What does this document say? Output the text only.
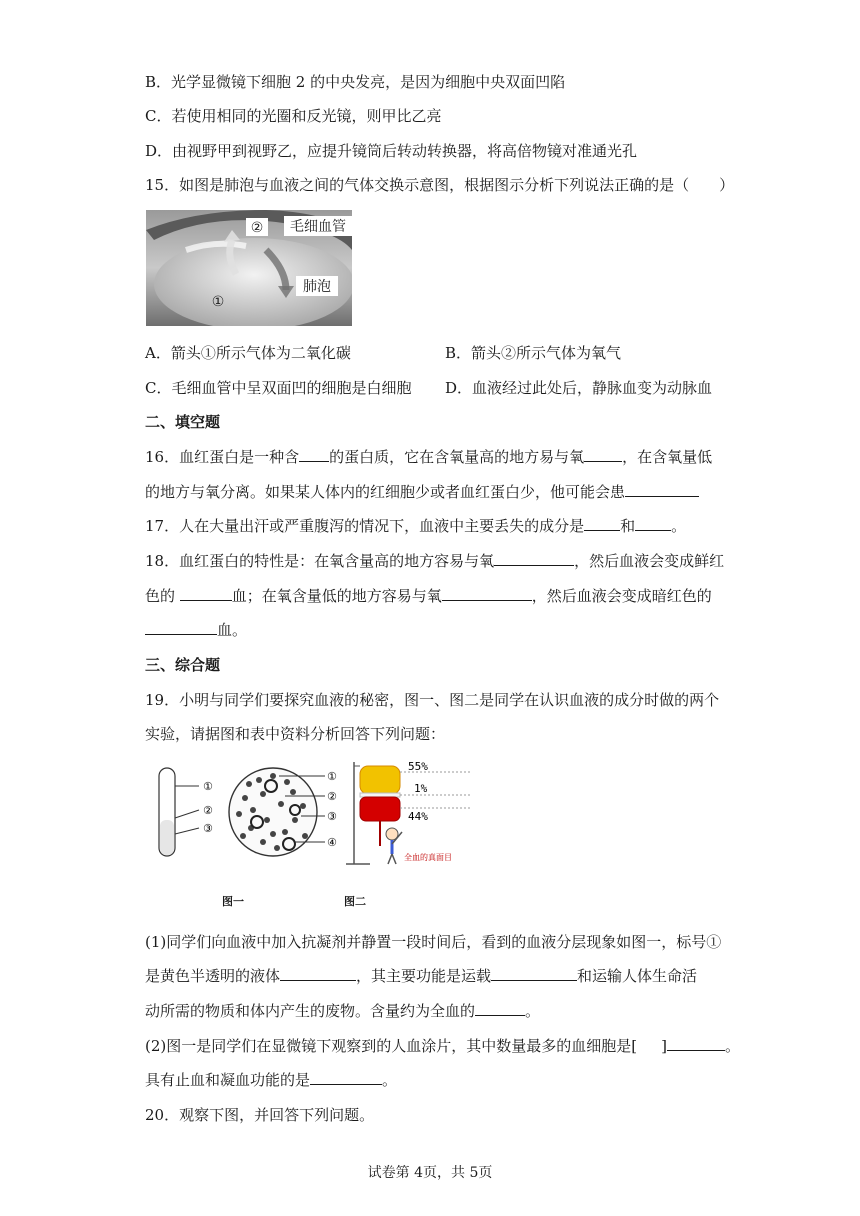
B．光学显微镜下细胞 2 的中央发亮，是因为细胞中央双面凹陷
C．若使用相同的光圈和反光镜，则甲比乙亮
D．由视野甲到视野乙，应提升镜筒后转动转换器，将高倍物镜对准通光孔
15．如图是肺泡与血液之间的气体交换示意图，根据图示分析下列说法正确的是（　　）
② 毛细血管
肺泡
①
A．箭头①所示气体为二氧化碳	B．箭头②所示气体为氧气
C．毛细血管中呈双面凹的细胞是白细胞 D．血液经过此处后，静脉血变为动脉血
二、填空题
16．血红蛋白是一种含 的蛋白质，它在含氧量高的地方易与氧	，在含氧量低
的地方与氧分离。如果某人体内的红细胞少或者血红蛋白少，他可能会患
17．人在大量出汗或严重腹泻的情况下，血液中主要丢失的成分是 和 。
18．血红蛋白的特性是：在氧含量高的地方容易与氧	，然后血液会变成鲜红
色的	血；在氧含量低的地方容易与氧	，然后血液会变成暗红色的
血。
三、综合题
19．小明与同学们要探究血液的秘密，图一、图二是同学在认识血液的成分时做的两个
实验，请据图和表中资料分析回答下列问题：
①
②
③
①
②
③
④
55%
1%
44%
全血的真面目
图一	图二
(1)同学们向血液中加入抗凝剂并静置一段时间后，看到的血液分层现象如图一，标号①
是黄色半透明的液体	，其主要功能是运载	和运输人体生命活
动所需的物质和体内产生的废物。含量约为全血的	。
(2)图一是同学们在显微镜下观察到的人血涂片，其中数量最多的血细胞是[ ]	。
具有止血和凝血功能的是	。
20．观察下图，并回答下列问题。
试卷第 4页，共 5页
